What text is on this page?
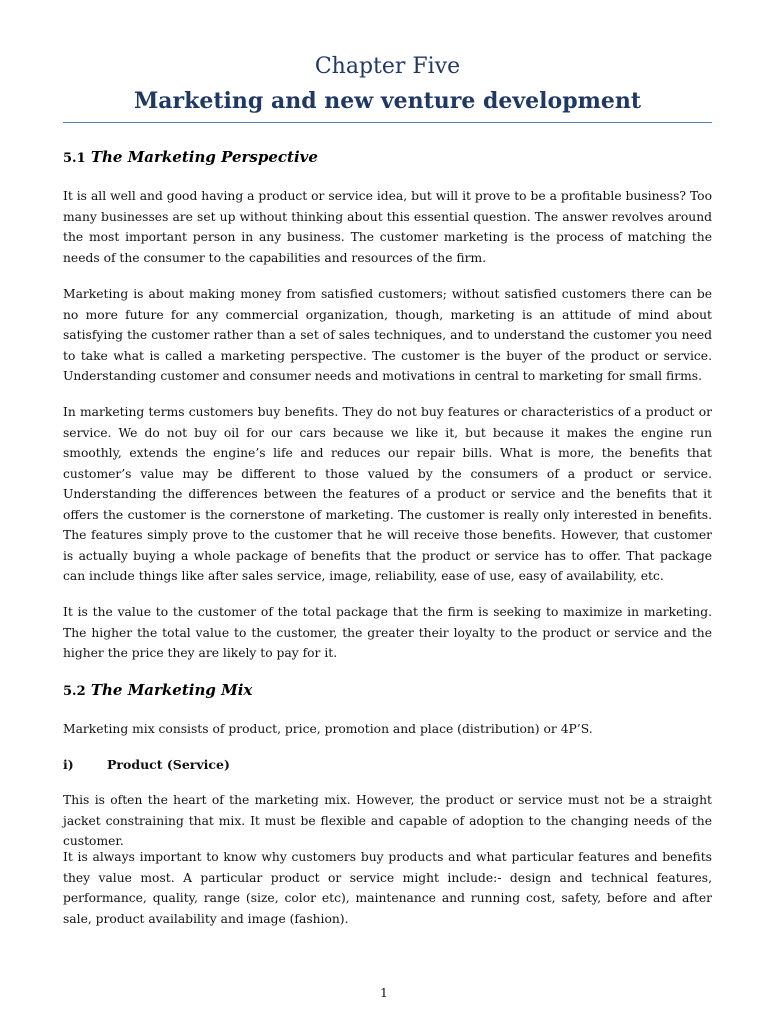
Chapter Five
Marketing and new venture development
5.1 The Marketing Perspective
It is all well and good having a product or service idea, but will it prove to be a profitable business? Too many businesses are set up without thinking about this essential question. The answer revolves around the most important person in any business. The customer marketing is the process of matching the needs of the consumer to the capabilities and resources of the firm.
Marketing is about making money from satisfied customers; without satisfied customers there can be no more future for any commercial organization, though, marketing is an attitude of mind about satisfying the customer rather than a set of sales techniques, and to understand the customer you need to take what is called a marketing perspective. The customer is the buyer of the product or service. Understanding customer and consumer needs and motivations in central to marketing for small firms.
In marketing terms customers buy benefits. They do not buy features or characteristics of a product or service. We do not buy oil for our cars because we like it, but because it makes the engine run smoothly, extends the engine’s life and reduces our repair bills. What is more, the benefits that customer’s value may be different to those valued by the consumers of a product or service. Understanding the differences between the features of a product or service and the benefits that it offers the customer is the cornerstone of marketing. The customer is really only interested in benefits. The features simply prove to the customer that he will receive those benefits. However, that customer is actually buying a whole package of benefits that the product or service has to offer. That package can include things like after sales service, image, reliability, ease of use, easy of availability, etc.
It is the value to the customer of the total package that the firm is seeking to maximize in marketing. The higher the total value to the customer, the greater their loyalty to the product or service and the higher the price they are likely to pay for it.
5.2 The Marketing Mix
Marketing mix consists of product, price, promotion and place (distribution) or 4P’S.
i)	Product (Service)
This is often the heart of the marketing mix. However, the product or service must not be a straight jacket constraining that mix. It must be flexible and capable of adoption to the changing needs of the customer.
It is always important to know why customers buy products and what particular features and benefits they value most. A particular product or service might include:- design and technical features, performance, quality, range (size, color etc), maintenance and running cost, safety, before and after sale, product availability and image (fashion).
1
